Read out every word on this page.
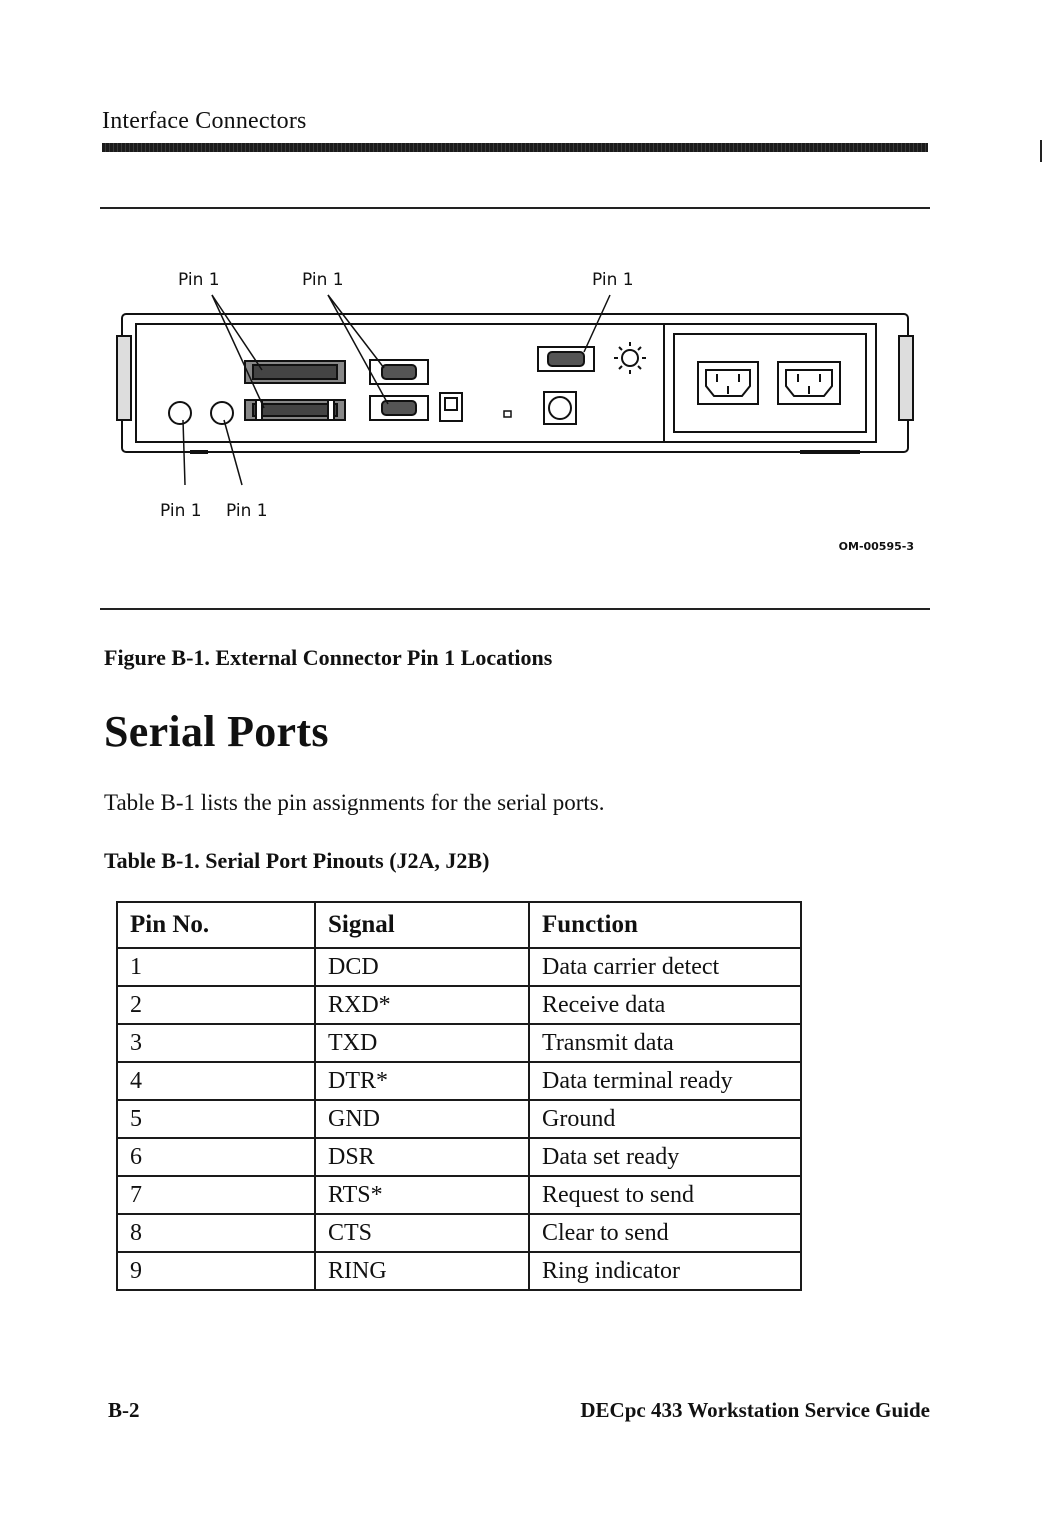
Interface Connectors
Pin 1	Pin 1	Pin 1
Pin 1 Pin 1
OM-00595-3
Figure B-1. External Connector Pin 1 Locations
Serial Ports
Table B-1 lists the pin assignments for the serial ports.
Table B-1. Serial Port Pinouts (J2A, J2B)
Pin No.	Signal	Function
1	DCD	Data carrier detect
2	RXD*	Receive data
3	TXD	Transmit data
4	DTR*	Data terminal ready
5	GND	Ground
6	DSR	Data set ready
7	RTS*	Request to send
8	CTS	Clear to send
9	RING	Ring indicator
B-2	DECpc 433 Workstation Service Guide
